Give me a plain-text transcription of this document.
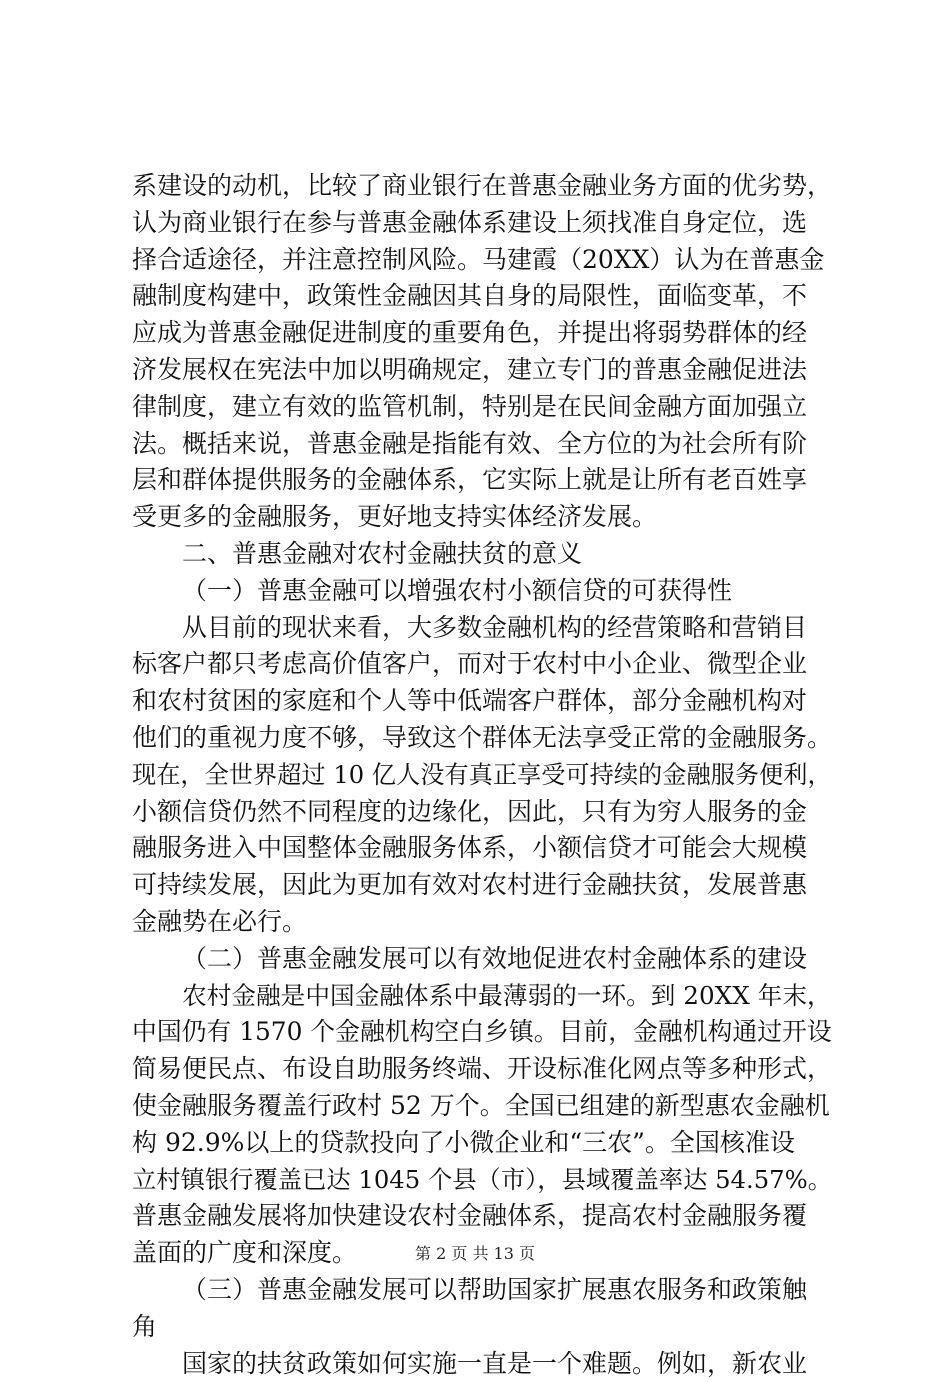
系建设的动机，比较了商业银行在普惠金融业务方面的优劣势，
认为商业银行在参与普惠金融体系建设上须找准自身定位，选
择合适途径，并注意控制风险。马建霞（20XX）认为在普惠金
融制度构建中，政策性金融因其自身的局限性，面临变革，不
应成为普惠金融促进制度的重要角色，并提出将弱势群体的经
济发展权在宪法中加以明确规定，建立专门的普惠金融促进法
律制度，建立有效的监管机制，特别是在民间金融方面加强立
法。概括来说，普惠金融是指能有效、全方位的为社会所有阶
层和群体提供服务的金融体系，它实际上就是让所有老百姓享
受更多的金融服务，更好地支持实体经济发展。
二、普惠金融对农村金融扶贫的意义
（一）普惠金融可以增强农村小额信贷的可获得性
从目前的现状来看，大多数金融机构的经营策略和营销目
标客户都只考虑高价值客户，而对于农村中小企业、微型企业
和农村贫困的家庭和个人等中低端客户群体，部分金融机构对
他们的重视力度不够，导致这个群体无法享受正常的金融服务。
现在，全世界超过 10 亿人没有真正享受可持续的金融服务便利，
小额信贷仍然不同程度的边缘化，因此，只有为穷人服务的金
融服务进入中国整体金融服务体系，小额信贷才可能会大规模
可持续发展，因此为更加有效对农村进行金融扶贫，发展普惠
金融势在必行。
（二）普惠金融发展可以有效地促进农村金融体系的建设
农村金融是中国金融体系中最薄弱的一环。到 20XX 年末，
中国仍有 1570 个金融机构空白乡镇。目前，金融机构通过开设
简易便民点、布设自助服务终端、开设标准化网点等多种形式，
使金融服务覆盖行政村 52 万个。全国已组建的新型惠农金融机
构 92.9%以上的贷款投向了小微企业和“三农”。全国核准设
立村镇银行覆盖已达 1045 个县（市），县域覆盖率达 54.57%。
普惠金融发展将加快建设农村金融体系，提高农村金融服务覆
盖面的广度和深度。
（三）普惠金融发展可以帮助国家扩展惠农服务和政策触
角
国家的扶贫政策如何实施一直是一个难题。例如，新农业
第 2 页 共 13 页
